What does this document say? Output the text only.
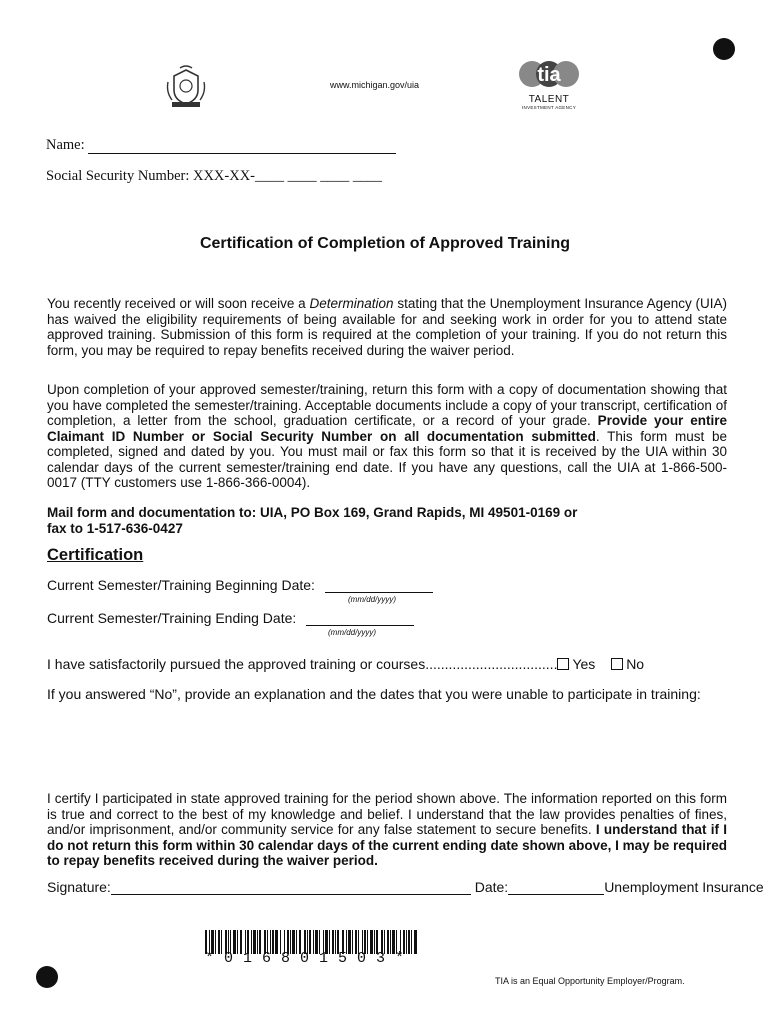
www.michigan.gov/uia	tia
TALENT
INVESTMENT AGENCY
Name:
Social Security Number: XXX-XX-____ ____ ____ ____
Certification of Completion of Approved Training
You recently received or will soon receive a Determination stating that the Unemployment Insurance Agency (UIA) has waived the eligibility requirements of being available for and seeking work in order for you to attend state approved training. Submission of this form is required at the completion of your training. If you do not return this form, you may be required to repay benefits received during the waiver period.
Upon completion of your approved semester/training, return this form with a copy of documentation showing that you have completed the semester/training. Acceptable documents include a copy of your transcript, certification of completion, a letter from the school, graduation certificate, or a record of your grade. Provide your entire Claimant ID Number or Social Security Number on all documentation submitted. This form must be completed, signed and dated by you. You must mail or fax this form so that it is received by the UIA within 30 calendar days of the current semester/training end date. If you have any questions, call the UIA at 1-866-500-0017 (TTY customers use 1-866-366-0004).
Mail form and documentation to: UIA, PO Box 169, Grand Rapids, MI 49501-0169 or
fax to 1-517-636-0427
Certification
Current Semester/Training Beginning Date:
(mm/dd/yyyy)
Current Semester/Training Ending Date:
(mm/dd/yyyy)
I have satisfactorily pursued the approved training or courses.................................. Yes No
If you answered “No”, provide an explanation and the dates that you were unable to participate in training:
I certify I participated in state approved training for the period shown above. The information reported on this form is true and correct to the best of my knowledge and belief. I understand that the law provides penalties of fines, and/or imprisonment, and/or community service for any false statement to secure benefits. I understand that if I do not return this form within 30 calendar days of the current ending date shown above, I may be required to repay benefits received during the waiver period.
Signature:	Date:	Unemployment Insurance
*016801503*
TIA is an Equal Opportunity Employer/Program.
